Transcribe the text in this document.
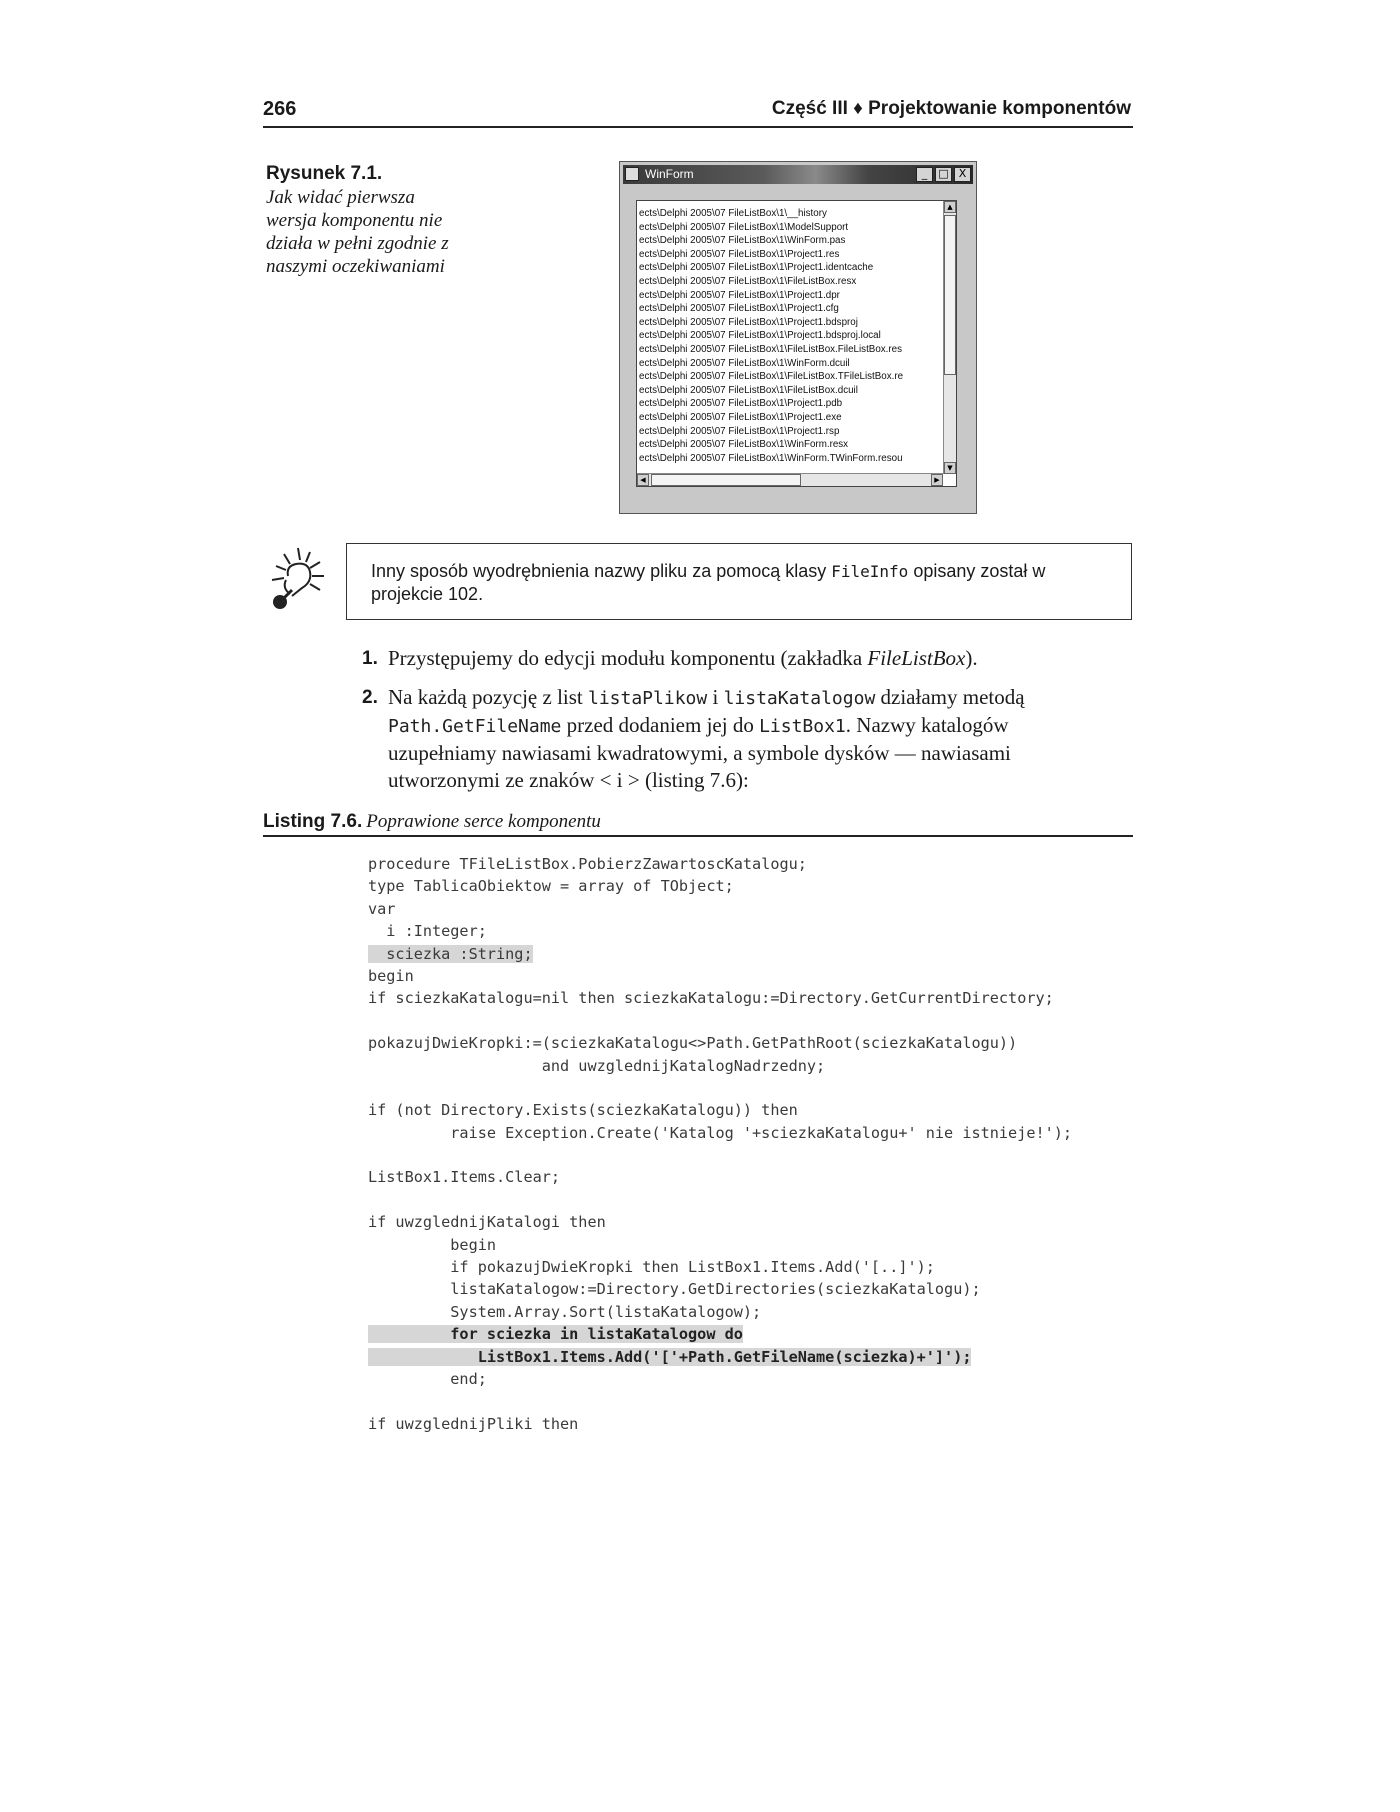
266	Część III ♦ Projektowanie komponentów
Rysunek 7.1.
Jak widać pierwsza wersja komponentu nie działa w pełni zgodnie z naszymi oczekiwaniami
WinForm	_	□ X
ects\Delphi 2005\07 FileListBox\1\__history
ects\Delphi 2005\07 FileListBox\1\ModelSupport
ects\Delphi 2005\07 FileListBox\1\WinForm.pas
ects\Delphi 2005\07 FileListBox\1\Project1.res
ects\Delphi 2005\07 FileListBox\1\Project1.identcache
ects\Delphi 2005\07 FileListBox\1\FileListBox.resx
ects\Delphi 2005\07 FileListBox\1\Project1.dpr
ects\Delphi 2005\07 FileListBox\1\Project1.cfg
ects\Delphi 2005\07 FileListBox\1\Project1.bdsproj
ects\Delphi 2005\07 FileListBox\1\Project1.bdsproj.local
ects\Delphi 2005\07 FileListBox\1\FileListBox.FileListBox.res
ects\Delphi 2005\07 FileListBox\1\WinForm.dcuil
ects\Delphi 2005\07 FileListBox\1\FileListBox.TFileListBox.re
ects\Delphi 2005\07 FileListBox\1\FileListBox.dcuil
ects\Delphi 2005\07 FileListBox\1\Project1.pdb
ects\Delphi 2005\07 FileListBox\1\Project1.exe
ects\Delphi 2005\07 FileListBox\1\Project1.rsp
ects\Delphi 2005\07 FileListBox\1\WinForm.resx
ects\Delphi 2005\07 FileListBox\1\WinForm.TWinForm.resou
▲
▼
◀	▶
Inny sposób wyodrębnienia nazwy pliku za pomocą klasy FileInfo opisany został w projekcie 102.
1. Przystępujemy do edycji modułu komponentu (zakładka FileListBox).
2. Na każdą pozycję z list listaPlikow i listaKatalogow działamy metodą Path.GetFileName przed dodaniem jej do ListBox1. Nazwy katalogów uzupełniamy nawiasami kwadratowymi, a symbole dysków — nawiasami utworzonymi ze znaków < i > (listing 7.6):
Listing 7.6. Poprawione serce komponentu
procedure TFileListBox.PobierzZawartoscKatalogu;
type TablicaObiektow = array of TObject;
var
i :Integer;
sciezka :String;
begin
if sciezkaKatalogu=nil then sciezkaKatalogu:=Directory.GetCurrentDirectory;
pokazujDwieKropki:=(sciezkaKatalogu<>Path.GetPathRoot(sciezkaKatalogu))
and uwzglednijKatalogNadrzedny;
if (not Directory.Exists(sciezkaKatalogu)) then
raise Exception.Create('Katalog '+sciezkaKatalogu+' nie istnieje!');
ListBox1.Items.Clear;
if uwzglednijKatalogi then
begin
if pokazujDwieKropki then ListBox1.Items.Add('[..]');
listaKatalogow:=Directory.GetDirectories(sciezkaKatalogu);
System.Array.Sort(listaKatalogow);
for sciezka in listaKatalogow do
ListBox1.Items.Add('['+Path.GetFileName(sciezka)+']');
end;
if uwzglednijPliki then
